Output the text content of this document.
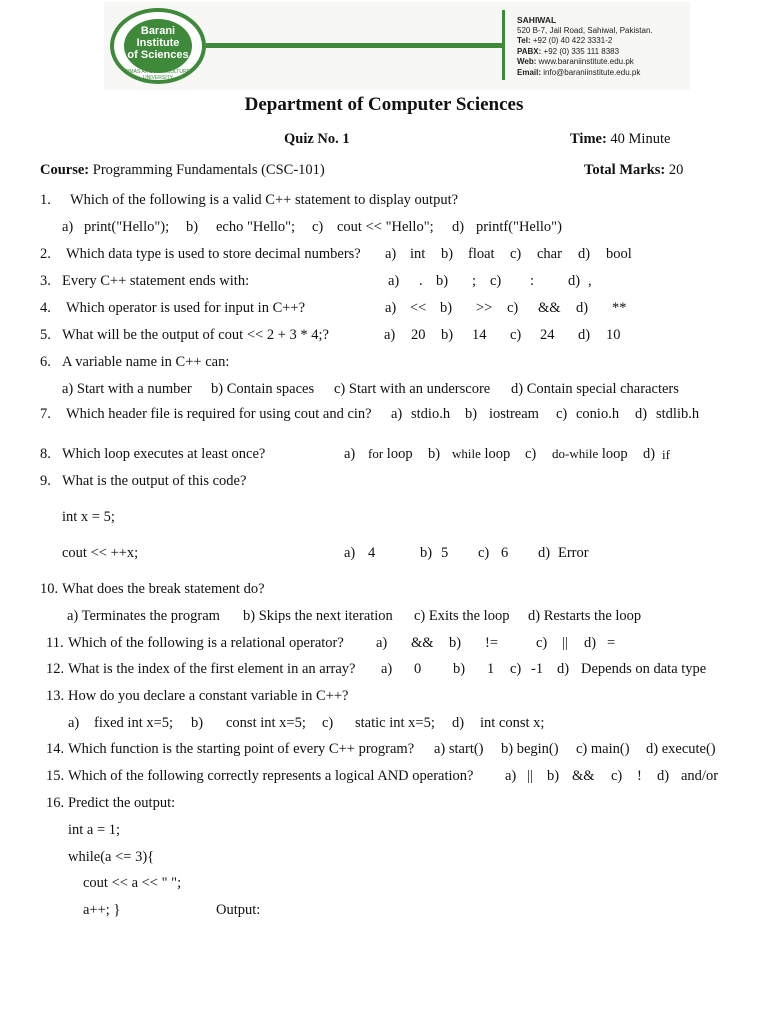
Barani
Institute
of Sciences
PMAS ARID AGRICULTURE UNIVERSITY
SAHIWAL
520 B-7, Jail Road, Sahiwal, Pakistan.
Tel: +92 (0) 40 422 3331-2
PABX: +92 (0) 335 111 8383
Web: www.baraniinstitute.edu.pk
Email: info@baraniinstitute.edu.pk
Department of Computer Sciences
Quiz No. 1	Time: 40 Minute
Course: Programming Fundamentals (CSC-101)	Total Marks: 20
1. Which of the following is a valid C++ statement to display output?
a) print("Hello"); b) echo "Hello"; c) cout << "Hello"; d) printf("Hello")
2. Which data type is used to store decimal numbers? a) int b) float c) char d) bool
3. Every C++ statement ends with:	a) . b) ; c) : d) ,
4. Which operator is used for input in C++?	a) << b) >> c) && d) **
5. What will be the output of cout << 2 + 3 * 4;?	a) 20 b) 14 c) 24 d) 10
6. A variable name in C++ can:
a) Start with a number b) Contain spaces c) Start with an underscore d) Contain special characters
7. Which header file is required for using cout and cin? a) stdio.h b) iostream c) conio.h d) stdlib.h
8. Which loop executes at least once?	a) for loop b) while loop c) do-while loop d) if
9. What is the output of this code?
int x = 5;
cout << ++x;	a) 4	b) 5 c) 6 d) Error
10. What does the break statement do?
a) Terminates the program b) Skips the next iteration c) Exits the loop d) Restarts the loop
11. Which of the following is a relational operator? a) && b) !=	c) || d) =
12. What is the index of the first element in an array? a) 0 b) 1 c) -1 d) Depends on data type
13. How do you declare a constant variable in C++?
a) fixed int x=5; b) const int x=5; c) static int x=5; d) int const x;
14. Which function is the starting point of every C++ program? a) start() b) begin() c) main() d) execute()
15. Which of the following correctly represents a logical AND operation? a) || b) && c) ! d) and/or
16. Predict the output:
int a = 1;
while(a <= 3){
cout << a << " ";
a++; }	Output:
